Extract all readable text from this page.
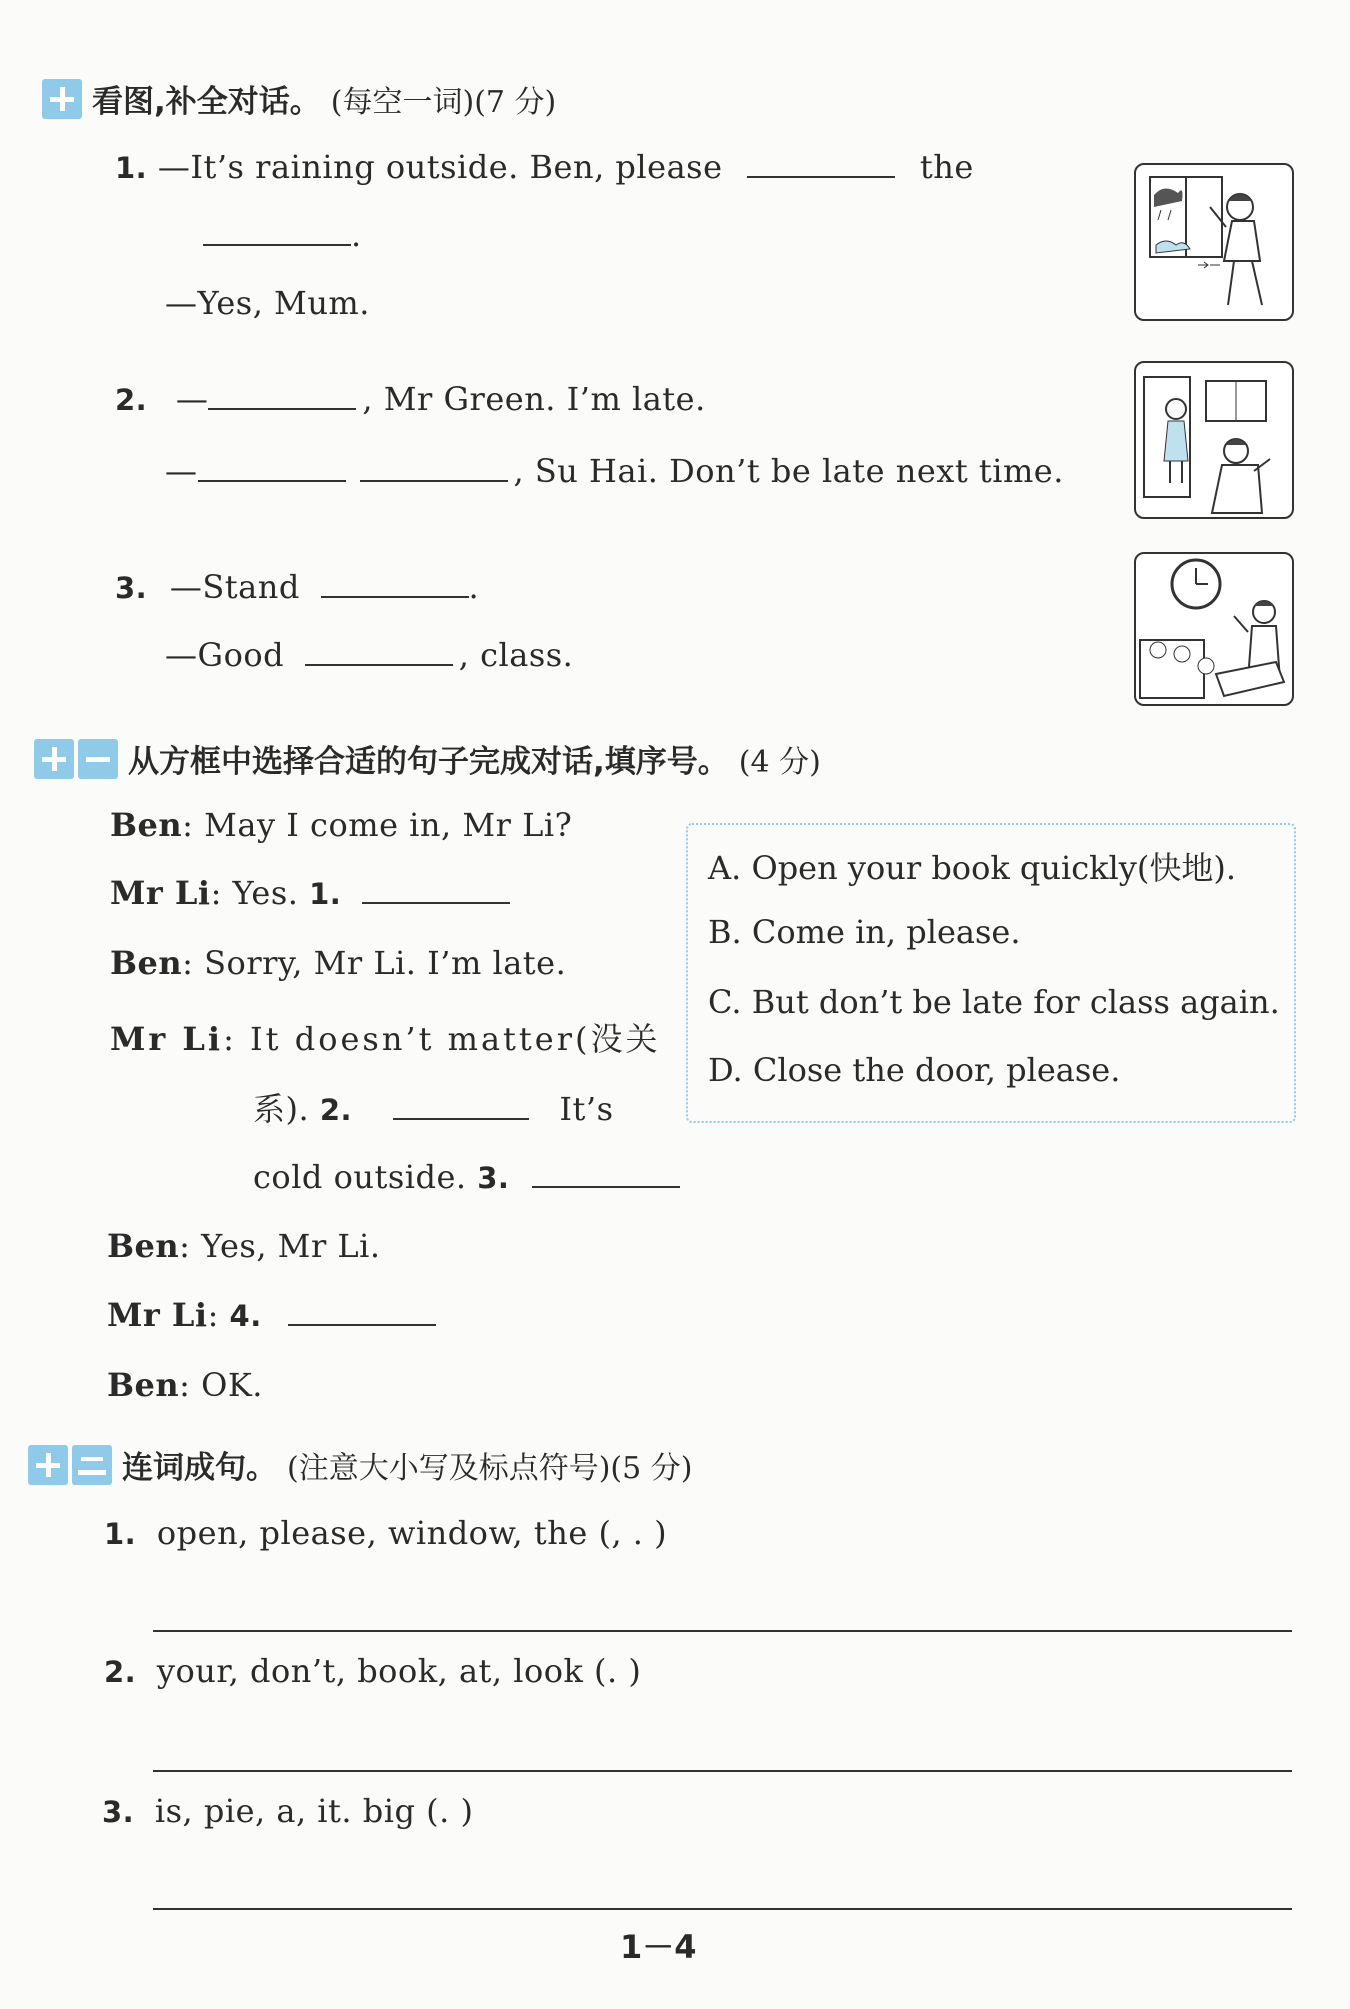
看图,补全对话。 (每空一词)(7 分)
1. —It’s raining outside. Ben, please	the
.
—Yes, Mum.
2. —	, Mr Green. I’m late.
—	, Su Hai. Don’t be late next time.
3. —Stand	.
—Good	, class.
从方框中选择合适的句子完成对话,填序号。 (4 分)
Ben: May I come in, Mr Li?
Mr Li: Yes. 1.
Ben: Sorry, Mr Li. I’m late.
Mr Li: It doesn’t matter(没关
系). 2.	It’s
cold outside. 3.
Ben: Yes, Mr Li.
Mr Li: 4.
Ben: OK.
A. Open your book quickly(快地).
B. Come in, please.
C. But don’t be late for class again.
D. Close the door, please.
连词成句。 (注意大小写及标点符号)(5 分)
1. open, please, window, the (, . )
2. your, don’t, book, at, look (. )
3. is, pie, a, it. big (. )
1－4
